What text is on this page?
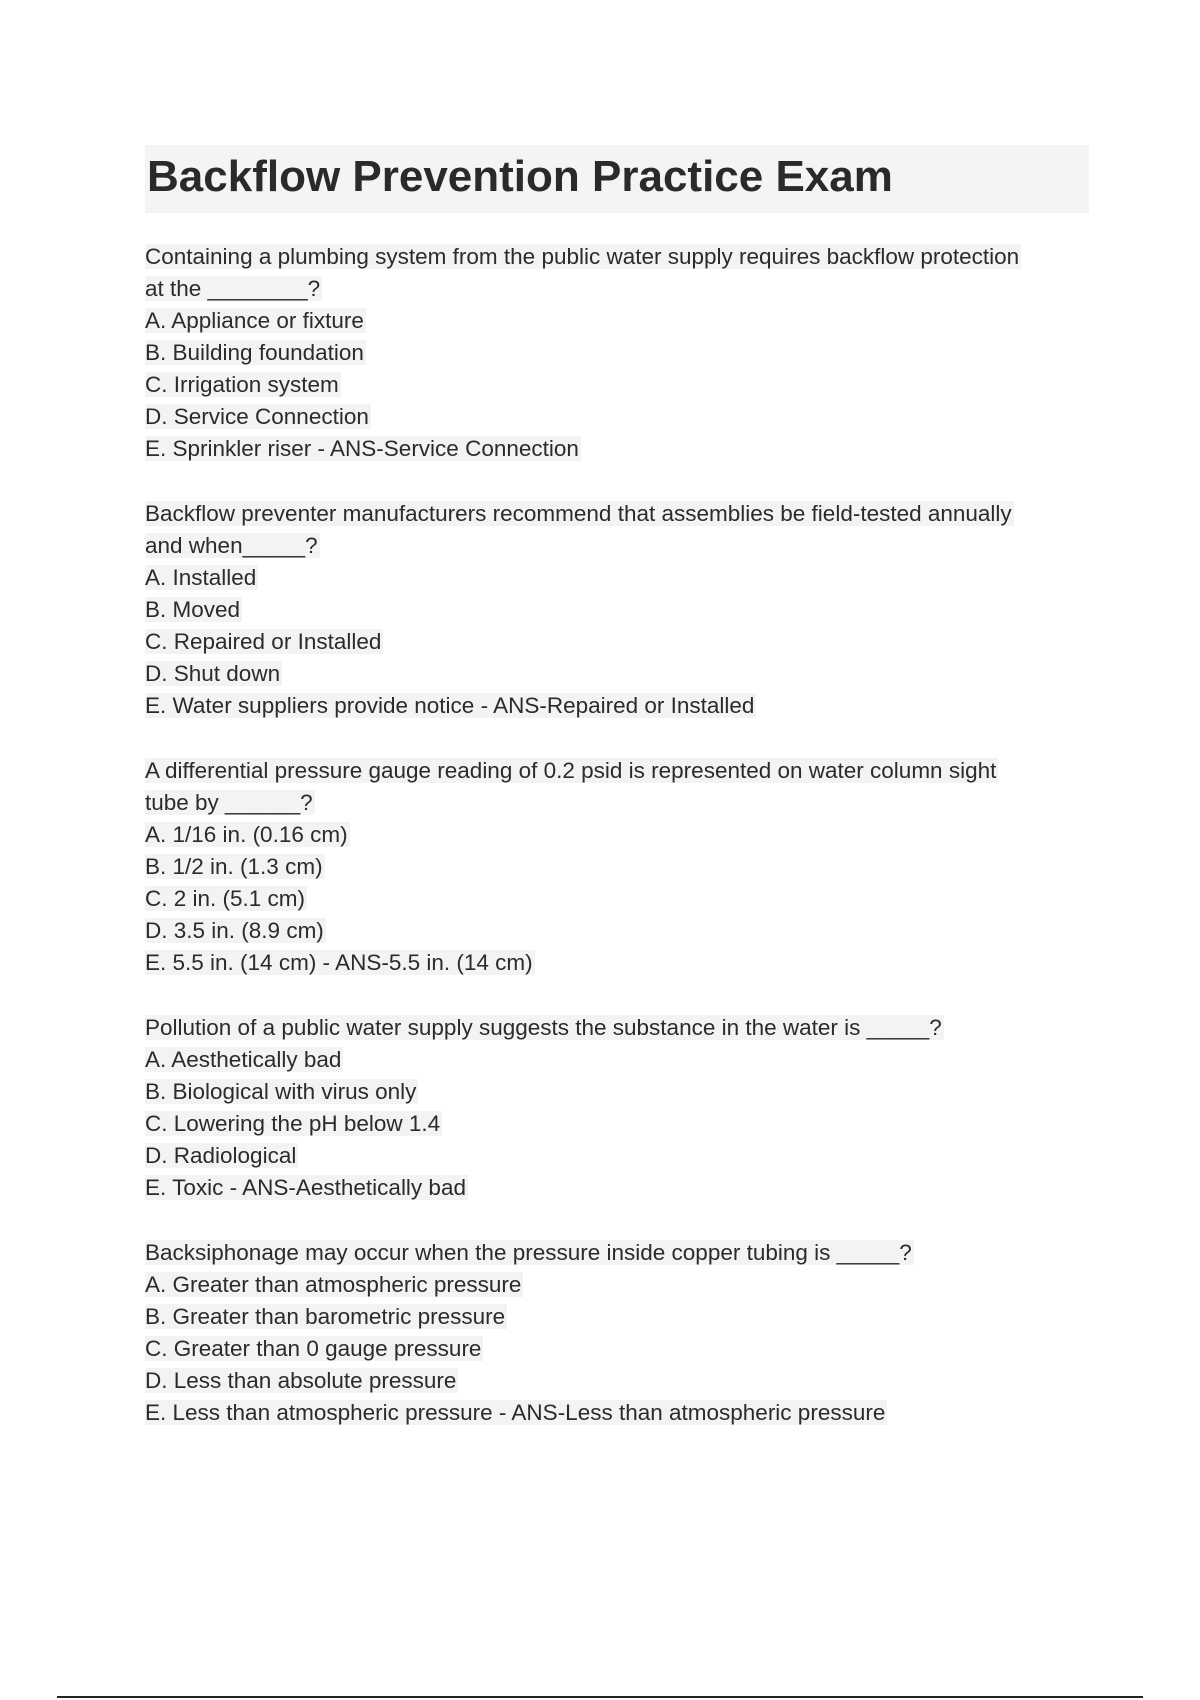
Backflow Prevention Practice Exam
Containing a plumbing system from the public water supply requires backflow protection
at the ________?
A. Appliance or fixture
B. Building foundation
C. Irrigation system
D. Service Connection
E. Sprinkler riser - ANS-Service Connection
Backflow preventer manufacturers recommend that assemblies be field-tested annually
and when_____?
A. Installed
B. Moved
C. Repaired or Installed
D. Shut down
E. Water suppliers provide notice - ANS-Repaired or Installed
A differential pressure gauge reading of 0.2 psid is represented on water column sight
tube by ______?
A. 1/16 in. (0.16 cm)
B. 1/2 in. (1.3 cm)
C. 2 in. (5.1 cm)
D. 3.5 in. (8.9 cm)
E. 5.5 in. (14 cm) - ANS-5.5 in. (14 cm)
Pollution of a public water supply suggests the substance in the water is _____?
A. Aesthetically bad
B. Biological with virus only
C. Lowering the pH below 1.4
D. Radiological
E. Toxic - ANS-Aesthetically bad
Backsiphonage may occur when the pressure inside copper tubing is _____?
A. Greater than atmospheric pressure
B. Greater than barometric pressure
C. Greater than 0 gauge pressure
D. Less than absolute pressure
E. Less than atmospheric pressure - ANS-Less than atmospheric pressure
